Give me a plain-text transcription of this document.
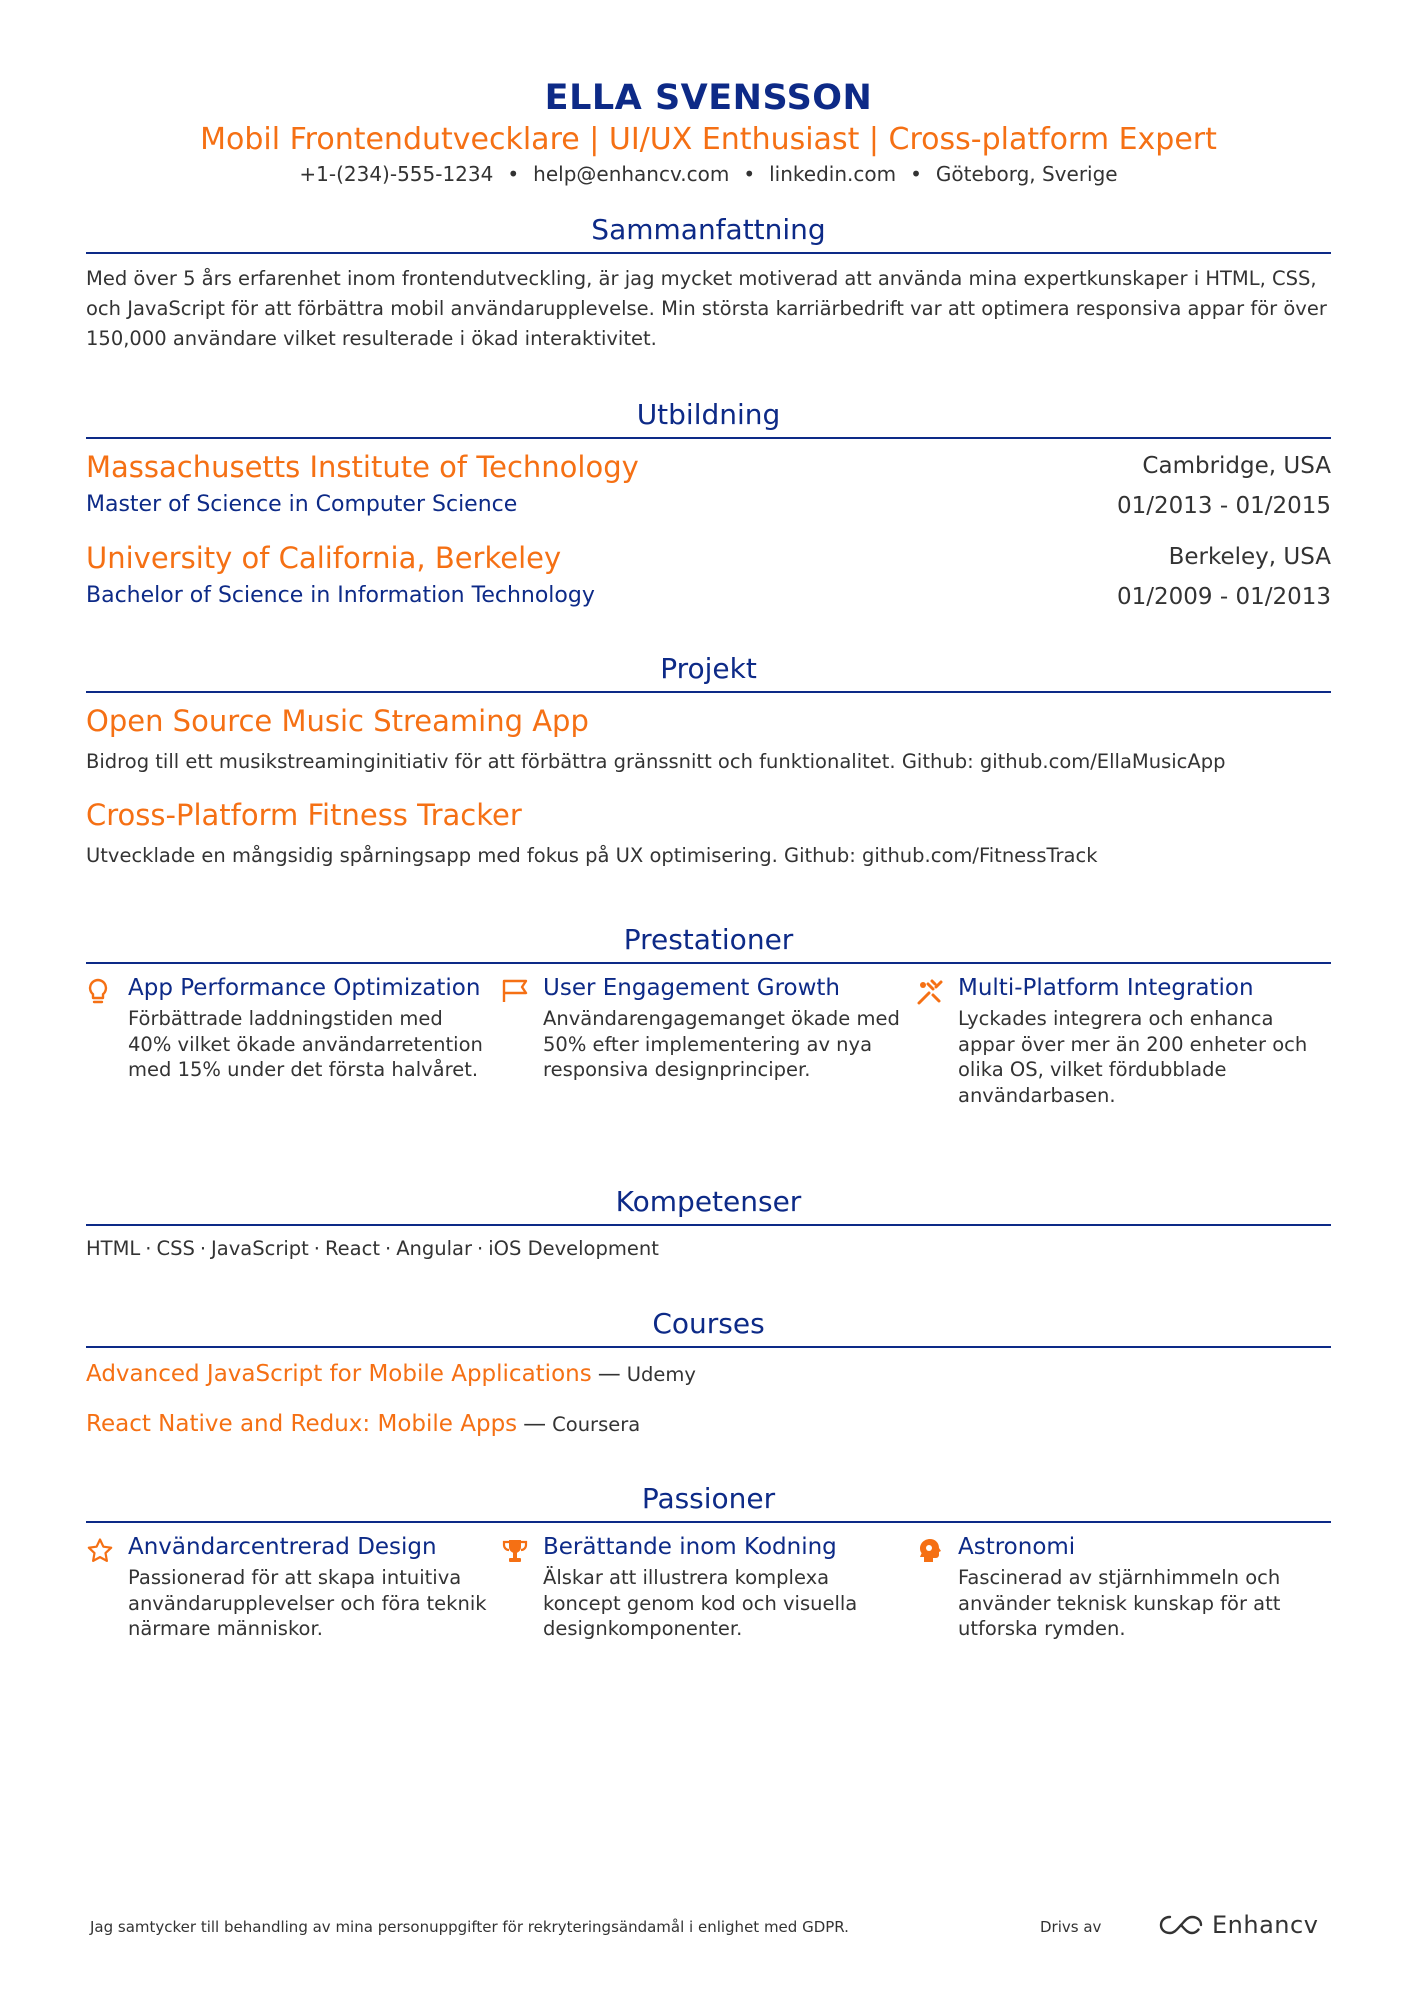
ELLA SVENSSON
Mobil Frontendutvecklare | UI/UX Enthusiast | Cross-platform Expert
+1-(234)-555-1234 • help@enhancv.com • linkedin.com • Göteborg, Sverige
Sammanfattning
Med över 5 års erfarenhet inom frontendutveckling, är jag mycket motiverad att använda mina expertkunskaper i HTML, CSS, och JavaScript för att förbättra mobil användarupplevelse. Min största karriärbedrift var att optimera responsiva appar för över 150,000 användare vilket resulterade i ökad interaktivitet.
Utbildning
Massachusetts Institute of Technology	Cambridge, USA
Master of Science in Computer Science	01/2013 - 01/2015
University of California, Berkeley	Berkeley, USA
Bachelor of Science in Information Technology	01/2009 - 01/2013
Projekt
Open Source Music Streaming App
Bidrog till ett musikstreaminginitiativ för att förbättra gränssnitt och funktionalitet. Github: github.com/EllaMusicApp
Cross-Platform Fitness Tracker
Utvecklade en mångsidig spårningsapp med fokus på UX optimisering. Github: github.com/FitnessTrack
Prestationer
App Performance Optimization
Förbättrade laddningstiden med 40% vilket ökade användarretention med 15% under det första halvåret.
User Engagement Growth
Användarengagemanget ökade med 50% efter implementering av nya responsiva designprinciper.
Multi-Platform Integration
Lyckades integrera och enhanca appar över mer än 200 enheter och olika OS, vilket fördubblade användarbasen.
Kompetenser
HTML · CSS · JavaScript · React · Angular · iOS Development
Courses
Advanced JavaScript for Mobile Applications — Udemy
React Native and Redux: Mobile Apps — Coursera
Passioner
Användarcentrerad Design
Passionerad för att skapa intuitiva användarupplevelser och föra teknik närmare människor.
Berättande inom Kodning
Älskar att illustrera komplexa koncept genom kod och visuella designkomponenter.
Astronomi
Fascinerad av stjärnhimmeln och använder teknisk kunskap för att utforska rymden.
Jag samtycker till behandling av mina personuppgifter för rekryteringsändamål i enlighet med GDPR.	Drivs av	Enhancv
